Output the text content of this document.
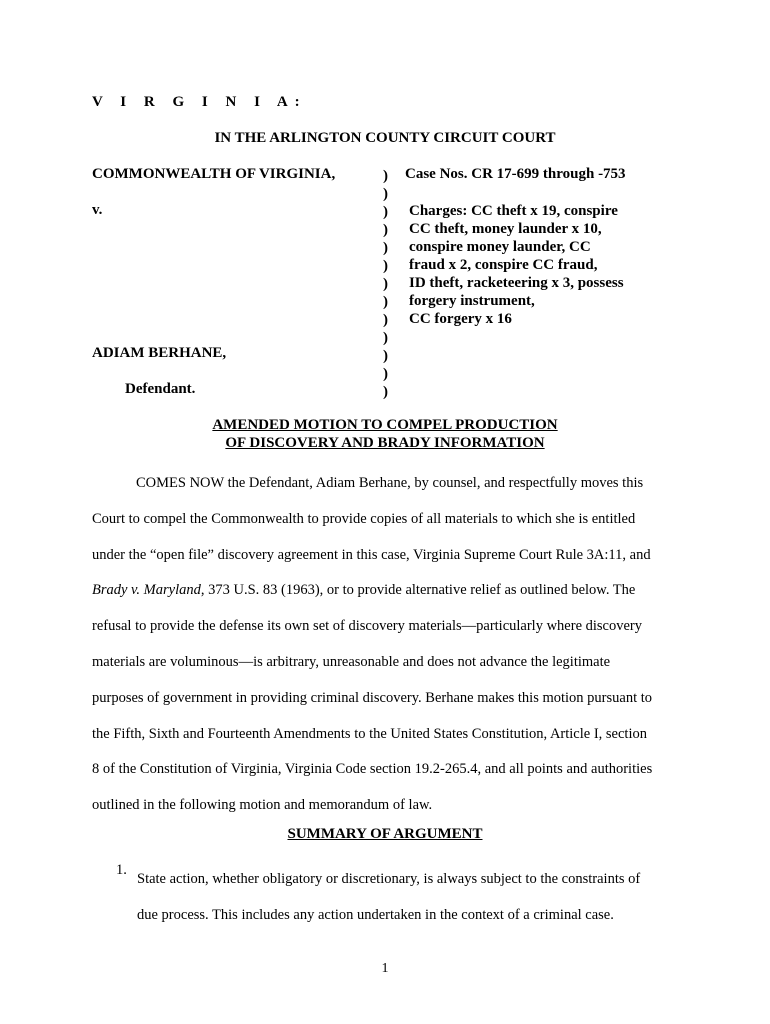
V I R G I N I A:
IN THE ARLINGTON COUNTY CIRCUIT COURT
COMMONWEALTH OF VIRGINIA,
v.
ADIAM BERHANE,
Defendant.
)
)
)
)
)
)
)
)
)
)
)
)
)
Case Nos. CR 17-699 through -753
Charges: CC theft x 19, conspire
CC theft, money launder x 10,
conspire money launder, CC
fraud x 2, conspire CC fraud,
ID theft, racketeering x 3, possess
forgery instrument,
CC forgery x 16
AMENDED MOTION TO COMPEL PRODUCTION
OF DISCOVERY AND BRADY INFORMATION
COMES NOW the Defendant, Adiam Berhane, by counsel, and respectfully moves this
Court to compel the Commonwealth to provide copies of all materials to which she is entitled
under the “open file” discovery agreement in this case, Virginia Supreme Court Rule 3A:11, and
Brady v. Maryland, 373 U.S. 83 (1963), or to provide alternative relief as outlined below. The
refusal to provide the defense its own set of discovery materials—particularly where discovery
materials are voluminous—is arbitrary, unreasonable and does not advance the legitimate
purposes of government in providing criminal discovery. Berhane makes this motion pursuant to
the Fifth, Sixth and Fourteenth Amendments to the United States Constitution, Article I, section
8 of the Constitution of Virginia, Virginia Code section 19.2-265.4, and all points and authorities
outlined in the following motion and memorandum of law.
SUMMARY OF ARGUMENT
1.
State action, whether obligatory or discretionary, is always subject to the constraints of
due process. This includes any action undertaken in the context of a criminal case.
1
